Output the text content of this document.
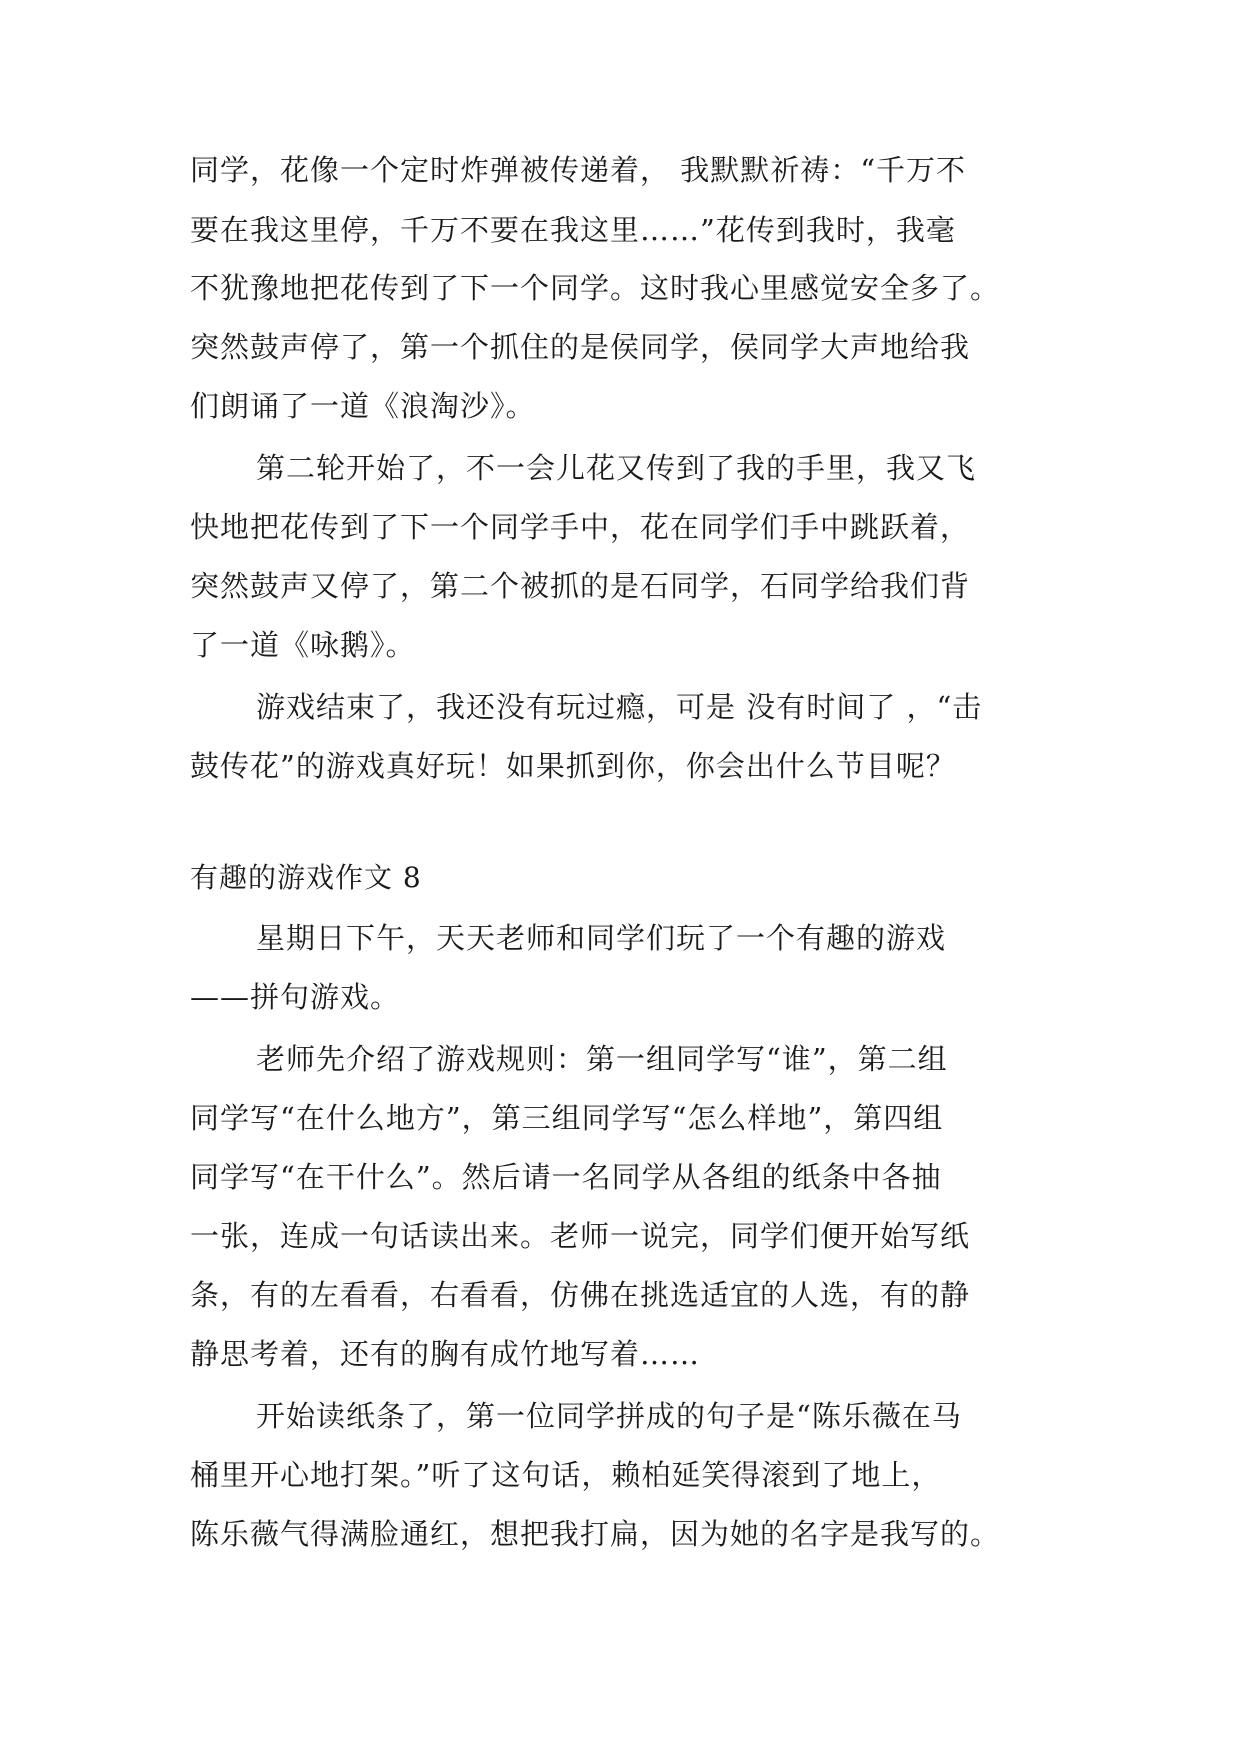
同学，花像一个定时炸弹被传递着， 我默默祈祷：“千万不
要在我这里停，千万不要在我这里……”花传到我时，我毫
不犹豫地把花传到了下一个同学。这时我心里感觉安全多了。
突然鼓声停了，第一个抓住的是侯同学，侯同学大声地给我
们朗诵了一道《浪淘沙》。
第二轮开始了，不一会儿花又传到了我的手里，我又飞
快地把花传到了下一个同学手中，花在同学们手中跳跃着，
突然鼓声又停了，第二个被抓的是石同学，石同学给我们背
了一道《咏鹅》。
游戏结束了，我还没有玩过瘾，可是 没有时间了 ，“击
鼓传花”的游戏真好玩！如果抓到你，你会出什么节目呢？
有趣的游戏作文 8
星期日下午，天天老师和同学们玩了一个有趣的游戏
——拼句游戏。
老师先介绍了游戏规则：第一组同学写“谁”，第二组
同学写“在什么地方”，第三组同学写“怎么样地”，第四组
同学写“在干什么”。然后请一名同学从各组的纸条中各抽
一张，连成一句话读出来。老师一说完，同学们便开始写纸
条，有的左看看，右看看，仿佛在挑选适宜的人选，有的静
静思考着，还有的胸有成竹地写着……
开始读纸条了，第一位同学拼成的句子是“陈乐薇在马
桶里开心地打架。”听了这句话，赖柏延笑得滚到了地上，
陈乐薇气得满脸通红，想把我打扁，因为她的名字是我写的。
